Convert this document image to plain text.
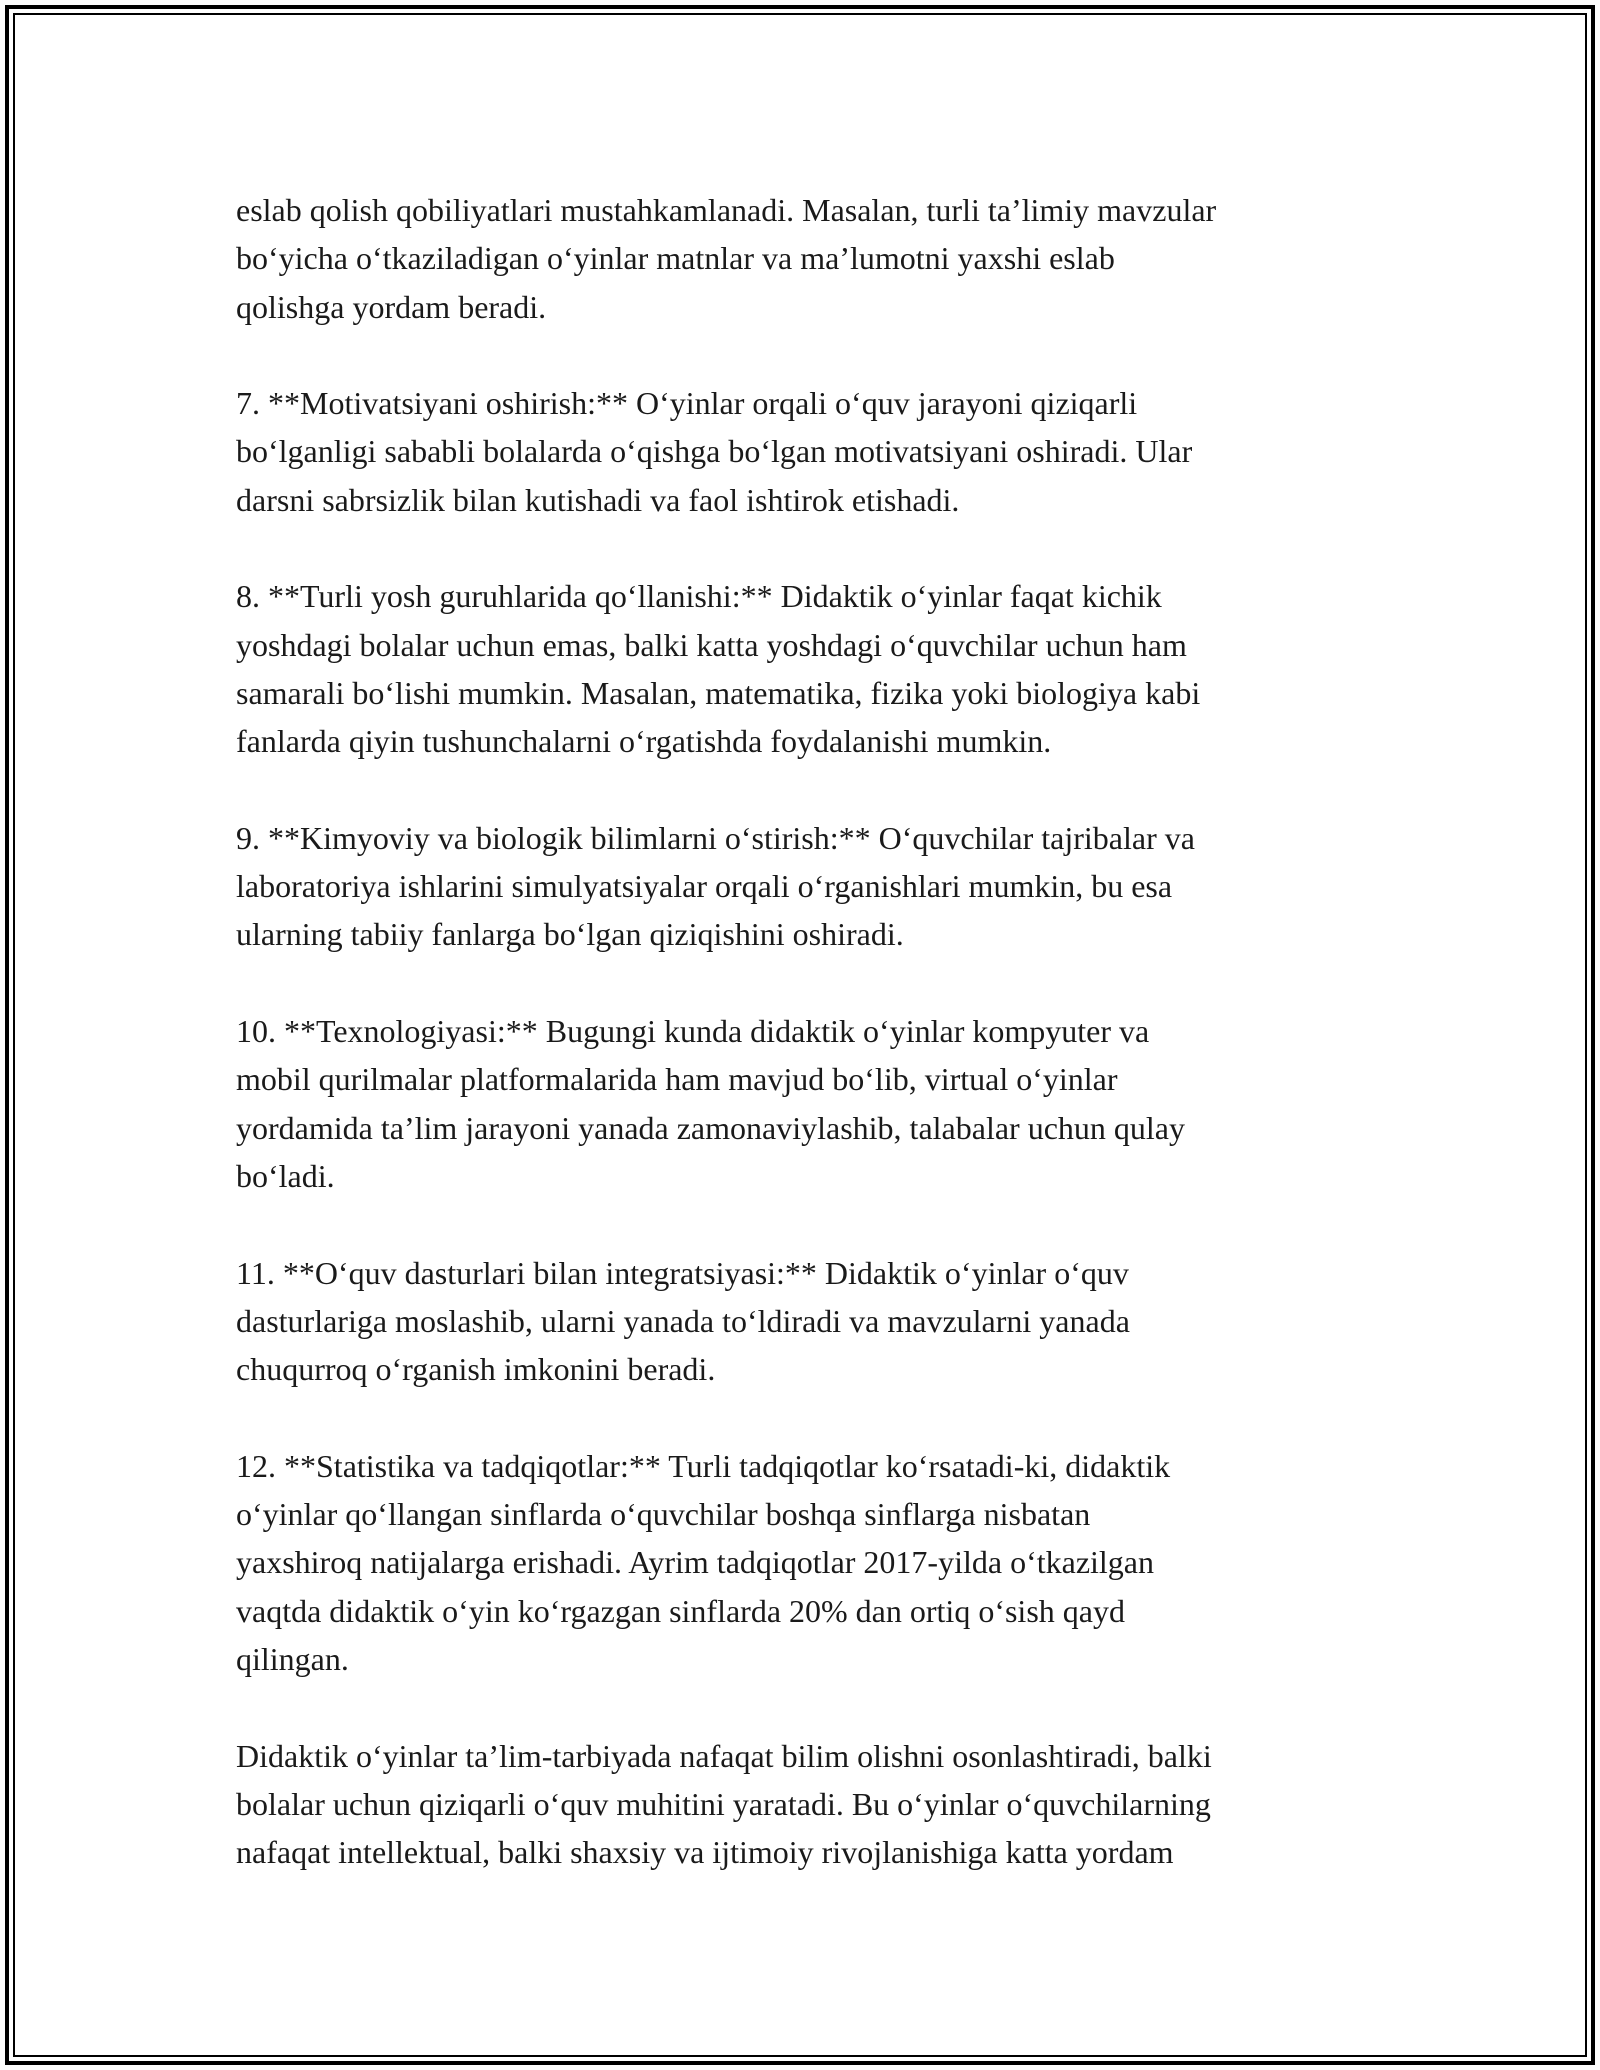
eslab qolish qobiliyatlari mustahkamlanadi. Masalan, turli ta’limiy mavzular
bo‘yicha o‘tkaziladigan o‘yinlar matnlar va ma’lumotni yaxshi eslab
qolishga yordam beradi.

7. **Motivatsiyani oshirish:** O‘yinlar orqali o‘quv jarayoni qiziqarli
bo‘lganligi sababli bolalarda o‘qishga bo‘lgan motivatsiyani oshiradi. Ular
darsni sabrsizlik bilan kutishadi va faol ishtirok etishadi.

8. **Turli yosh guruhlarida qo‘llanishi:** Didaktik o‘yinlar faqat kichik
yoshdagi bolalar uchun emas, balki katta yoshdagi o‘quvchilar uchun ham
samarali bo‘lishi mumkin. Masalan, matematika, fizika yoki biologiya kabi
fanlarda qiyin tushunchalarni o‘rgatishda foydalanishi mumkin.

9. **Kimyoviy va biologik bilimlarni o‘stirish:** O‘quvchilar tajribalar va
laboratoriya ishlarini simulyatsiyalar orqali o‘rganishlari mumkin, bu esa
ularning tabiiy fanlarga bo‘lgan qiziqishini oshiradi.

10. **Texnologiyasi:** Bugungi kunda didaktik o‘yinlar kompyuter va
mobil qurilmalar platformalarida ham mavjud bo‘lib, virtual o‘yinlar
yordamida ta’lim jarayoni yanada zamonaviylashib, talabalar uchun qulay
bo‘ladi.

11. **O‘quv dasturlari bilan integratsiyasi:** Didaktik o‘yinlar o‘quv
dasturlariga moslashib, ularni yanada to‘ldiradi va mavzularni yanada
chuqurroq o‘rganish imkonini beradi.

12. **Statistika va tadqiqotlar:** Turli tadqiqotlar ko‘rsatadi-ki, didaktik
o‘yinlar qo‘llangan sinflarda o‘quvchilar boshqa sinflarga nisbatan
yaxshiroq natijalarga erishadi. Ayrim tadqiqotlar 2017-yilda o‘tkazilgan
vaqtda didaktik o‘yin ko‘rgazgan sinflarda 20% dan ortiq o‘sish qayd
qilingan.

Didaktik o‘yinlar ta’lim-tarbiyada nafaqat bilim olishni osonlashtiradi, balki
bolalar uchun qiziqarli o‘quv muhitini yaratadi. Bu o‘yinlar o‘quvchilarning
nafaqat intellektual, balki shaxsiy va ijtimoiy rivojlanishiga katta yordam
